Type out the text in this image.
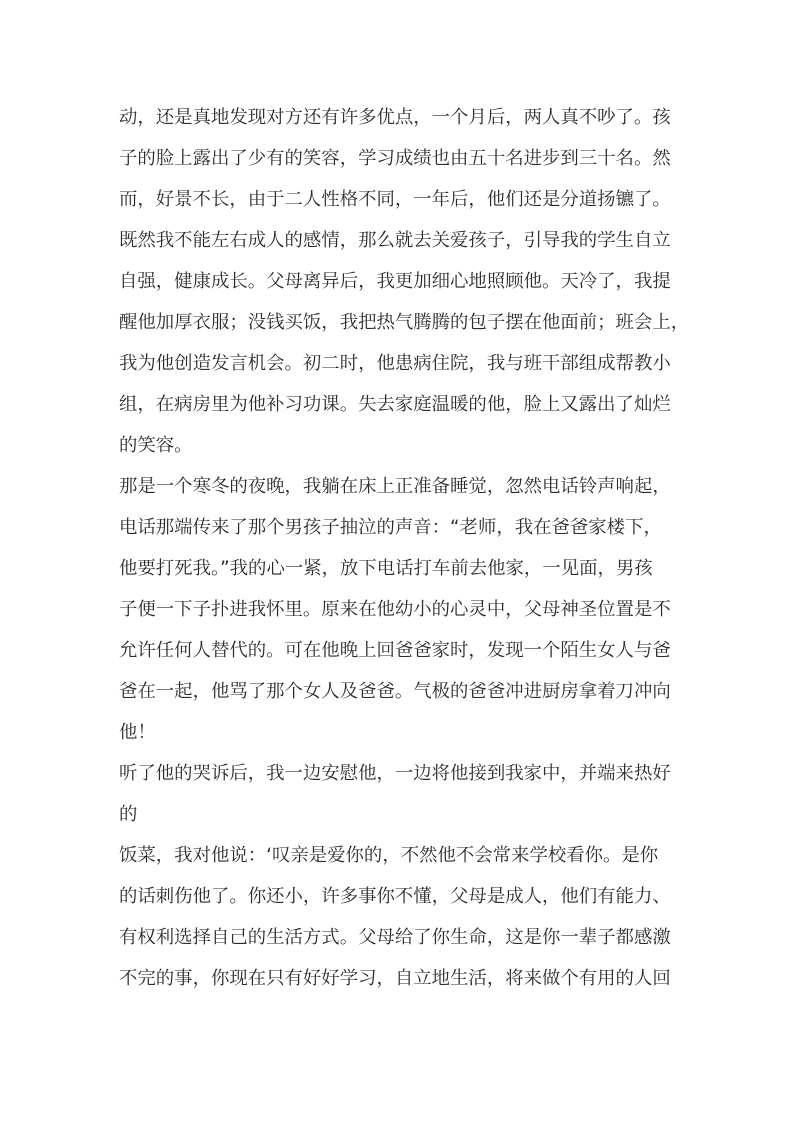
动，还是真地发现对方还有许多优点，一个月后，两人真不吵了。孩
子的脸上露出了少有的笑容，学习成绩也由五十名进步到三十名。然
而，好景不长，由于二人性格不同，一年后，他们还是分道扬镳了。
既然我不能左右成人的感情，那么就去关爱孩子，引导我的学生自立
自强，健康成长。父母离异后，我更加细心地照顾他。天冷了，我提
醒他加厚衣服；没钱买饭，我把热气腾腾的包子摆在他面前；班会上，
我为他创造发言机会。初二时，他患病住院，我与班干部组成帮教小
组，在病房里为他补习功课。失去家庭温暖的他，脸上又露出了灿烂
的笑容。
那是一个寒冬的夜晚，我躺在床上正准备睡觉，忽然电话铃声响起，
电话那端传来了那个男孩子抽泣的声音：“老师，我在爸爸家楼下，
他要打死我。”我的心一紧，放下电话打车前去他家，一见面，男孩
子便一下子扑进我怀里。原来在他幼小的心灵中，父母神圣位置是不
允许任何人替代的。可在他晚上回爸爸家时，发现一个陌生女人与爸
爸在一起，他骂了那个女人及爸爸。气极的爸爸冲进厨房拿着刀冲向
他！
听了他的哭诉后，我一边安慰他，一边将他接到我家中，并端来热好
的
饭菜，我对他说：‘叹亲是爱你的，不然他不会常来学校看你。是你
的话刺伤他了。你还小，许多事你不懂，父母是成人，他们有能力、
有权利选择自己的生活方式。父母给了你生命，这是你一辈子都感激
不完的事，你现在只有好好学习，自立地生活，将来做个有用的人回
